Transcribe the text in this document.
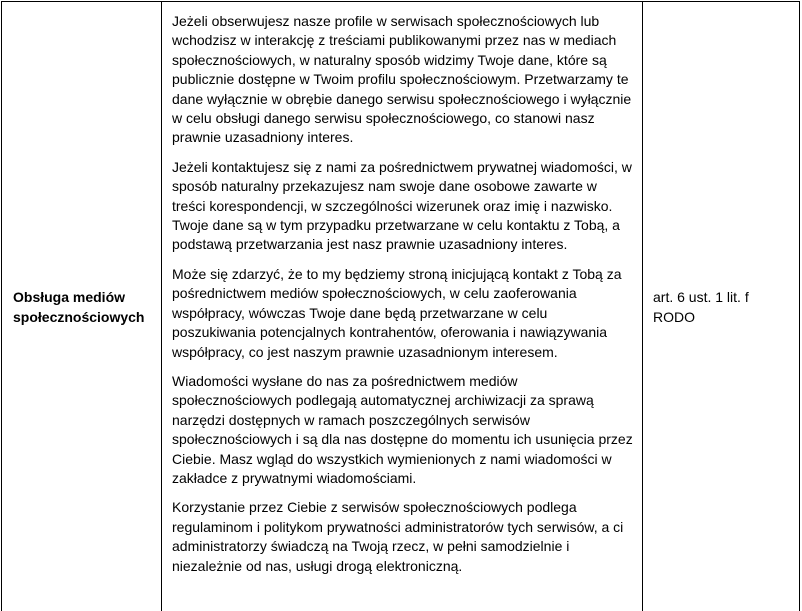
Obsługa mediów społecznościowych

Jeżeli obserwujesz nasze profile w serwisach społecznościowych lub wchodzisz w interakcję z treściami publikowanymi przez nas w mediach społecznościowych, w naturalny sposób widzimy Twoje dane, które są publicznie dostępne w Twoim profilu społecznościowym. Przetwarzamy te dane wyłącznie w obrębie danego serwisu społecznościowego i wyłącznie w celu obsługi danego serwisu społecznościowego, co stanowi nasz prawnie uzasadniony interes.

Jeżeli kontaktujesz się z nami za pośrednictwem prywatnej wiadomości, w sposób naturalny przekazujesz nam swoje dane osobowe zawarte w treści korespondencji, w szczególności wizerunek oraz imię i nazwisko. Twoje dane są w tym przypadku przetwarzane w celu kontaktu z Tobą, a podstawą przetwarzania jest nasz prawnie uzasadniony interes.

Może się zdarzyć, że to my będziemy stroną inicjującą kontakt z Tobą za pośrednictwem mediów społecznościowych, w celu zaoferowania współpracy, wówczas Twoje dane będą przetwarzane w celu poszukiwania potencjalnych kontrahentów, oferowania i nawiązywania współpracy, co jest naszym prawnie uzasadnionym interesem.

Wiadomości wysłane do nas za pośrednictwem mediów społecznościowych podlegają automatycznej archiwizacji za sprawą narzędzi dostępnych w ramach poszczególnych serwisów społecznościowych i są dla nas dostępne do momentu ich usunięcia przez Ciebie. Masz wgląd do wszystkich wymienionych z nami wiadomości w zakładce z prywatnymi wiadomościami.

Korzystanie przez Ciebie z serwisów społecznościowych podlega regulaminom i politykom prywatności administratorów tych serwisów, a ci administratorzy świadczą na Twoją rzecz, w pełni samodzielnie i niezależnie od nas, usługi drogą elektroniczną.

art. 6 ust. 1 lit. f RODO
